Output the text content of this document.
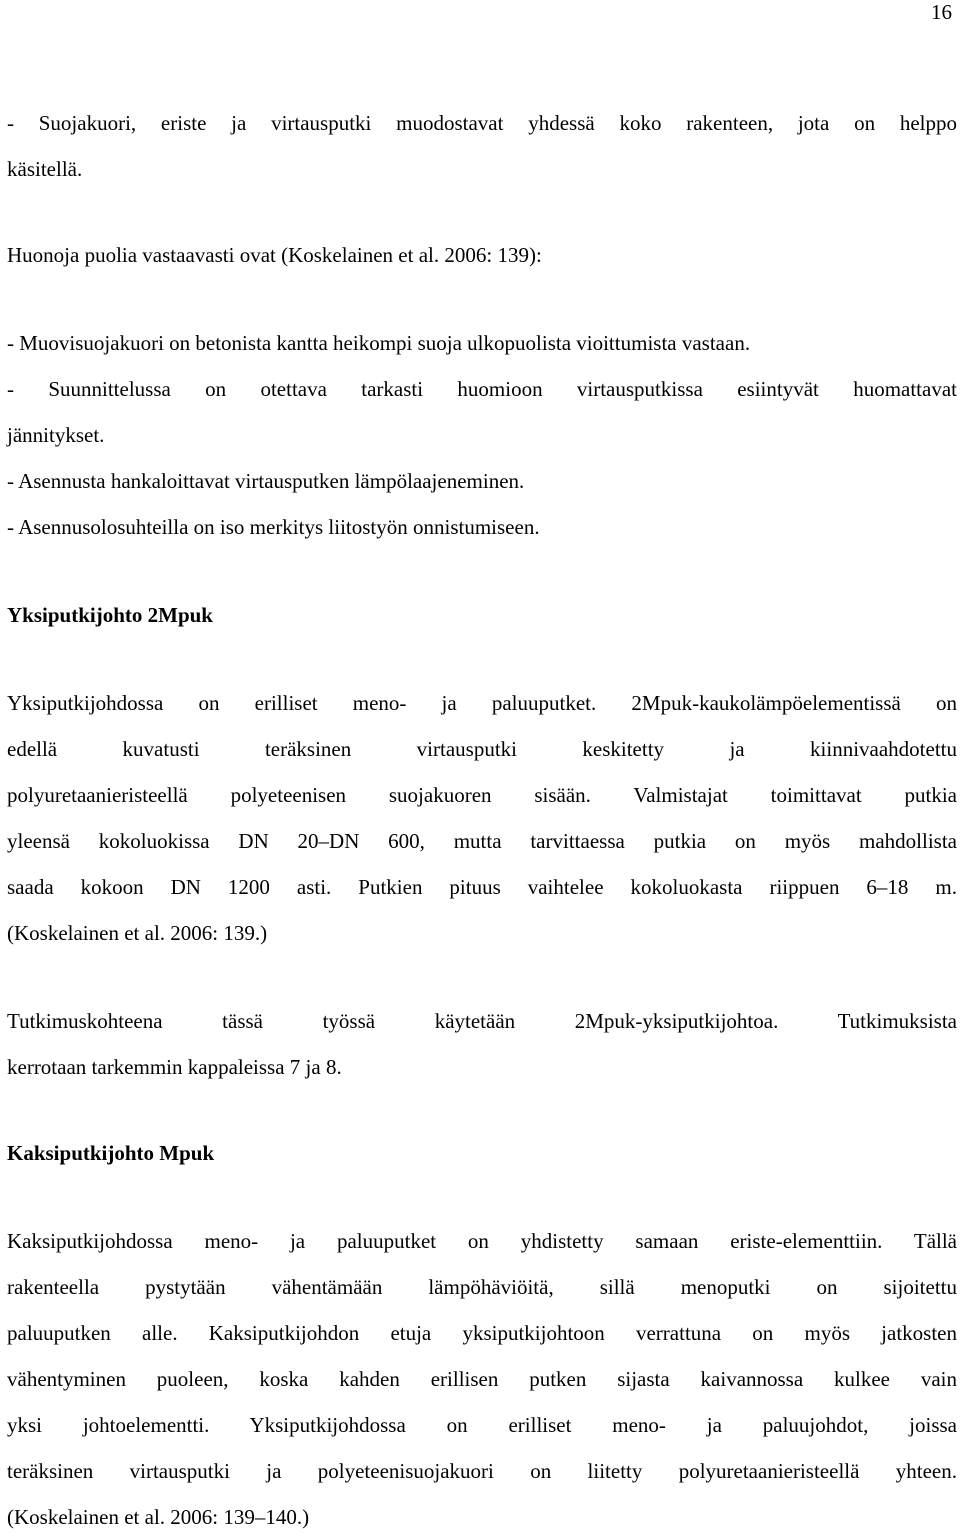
16
- Suojakuori, eriste ja virtausputki muodostavat yhdessä koko rakenteen, jota on helppo
käsitellä.
Huonoja puolia vastaavasti ovat (Koskelainen et al. 2006: 139):
- Muovisuojakuori on betonista kantta heikompi suoja ulkopuolista vioittumista vastaan.
- Suunnittelussa on otettava tarkasti huomioon virtausputkissa esiintyvät huomattavat
jännitykset.
- Asennusta hankaloittavat virtausputken lämpölaajeneminen.
- Asennusolosuhteilla on iso merkitys liitostyön onnistumiseen.
Yksiputkijohto 2Mpuk
Yksiputkijohdossa on erilliset meno- ja paluuputket. 2Mpuk-kaukolämpöelementissä on
edellä kuvatusti teräksinen virtausputki keskitetty ja kiinnivaahdotettu
polyuretaanieristeellä polyeteenisen suojakuoren sisään. Valmistajat toimittavat putkia
yleensä kokoluokissa DN 20–DN 600, mutta tarvittaessa putkia on myös mahdollista
saada kokoon DN 1200 asti. Putkien pituus vaihtelee kokoluokasta riippuen 6–18 m.
(Koskelainen et al. 2006: 139.)
Tutkimuskohteena tässä työssä käytetään 2Mpuk-yksiputkijohtoa. Tutkimuksista
kerrotaan tarkemmin kappaleissa 7 ja 8.
Kaksiputkijohto Mpuk
Kaksiputkijohdossa meno- ja paluuputket on yhdistetty samaan eriste-elementtiin. Tällä
rakenteella pystytään vähentämään lämpöhäviöitä, sillä menoputki on sijoitettu
paluuputken alle. Kaksiputkijohdon etuja yksiputkijohtoon verrattuna on myös jatkosten
vähentyminen puoleen, koska kahden erillisen putken sijasta kaivannossa kulkee vain
yksi johtoelementti. Yksiputkijohdossa on erilliset meno- ja paluujohdot, joissa
teräksinen virtausputki ja polyeteenisuojakuori on liitetty polyuretaanieristeellä yhteen.
(Koskelainen et al. 2006: 139–140.)
